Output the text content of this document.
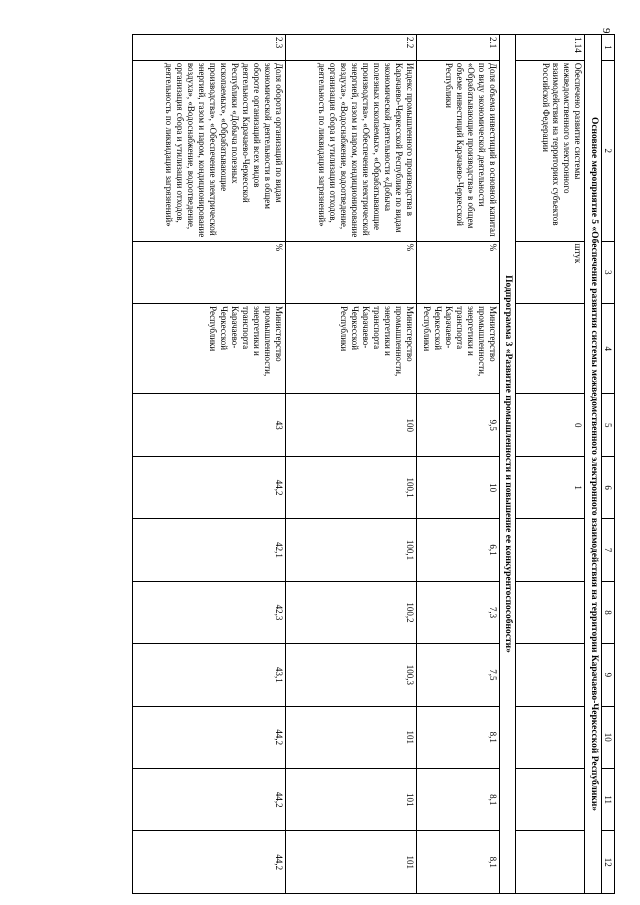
9
1	2	3	4	5	6	7	8	9	10	11	12
Основное мероприятие 5 «Обеспечение развития системы межведомственного электронного взаимодействия на территории Карачаево-Черкесской Республики»											
1.14	Обеспечено развитие системы межведомственного электронного взаимодействия на территориях субъектов Российской Федерации	штук		0	1						
Подпрограмма 3 «Развитие промышленности и повышение ее конкурентоспособности»											
2.1	Доля объема инвестиций в основной капитал по виду экономической деятельности «Обрабатывающие производства» в общем объеме инвестиций Карачаево-Черкесской Республики	%	Министерство промышленности, энергетики и транспорта Карачаево-Черкесской Республики	9,5	10	6,1	7,3	7,5	8,1	8,1	8,1
2.2	Индекс промышленного производства в Карачаево-Черкесской Республике по видам экономической деятельности «Добыча полезных ископаемых», «Обрабатывающие производства», «Обеспечение электрической энергией, газом и паром, кондиционирование воздуха», «Водоснабжение, водоотведение, организация сбора и утилизации отходов, деятельность по ликвидации загрязнений»	%	Министерство промышленности, энергетики и транспорта Карачаево-Черкесской Республики	100	100,1	100,1	100,2	100,3	101	101	101
2.3	Доля оборота организаций по видам экономической деятельности в общем обороте организаций всех видов деятельности Карачаево-Черкесской Республики «Добыча полезных ископаемых», «Обрабатывающие производства», «Обеспечение электрической энергией, газом и паром, кондиционирование воздуха», «Водоснабжение, водоотведение, организация сбора и утилизации отходов, деятельность по ликвидации загрязнений»	%	Министерство промышленности, энергетики и транспорта Карачаево-Черкесской Республики	43	44,2	42,1	42,3	43,1	44,2	44,2	44,2
